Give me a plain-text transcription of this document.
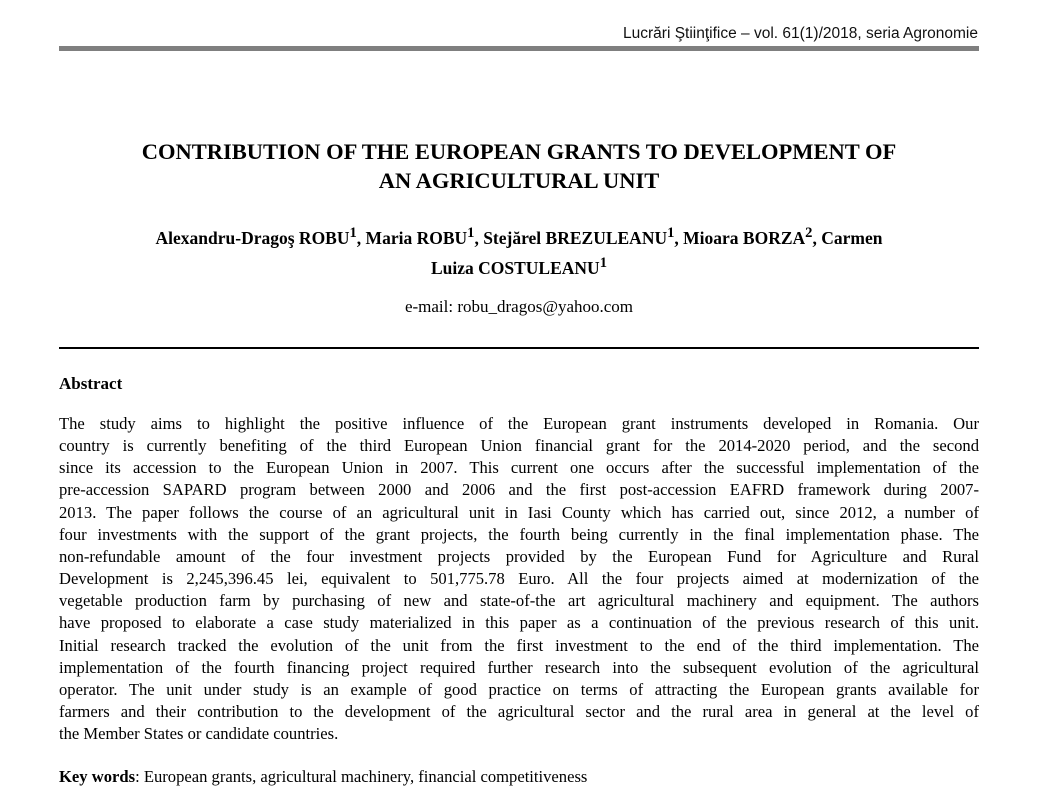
Lucrări Ştiinţifice – vol. 61(1)/2018, seria Agronomie
CONTRIBUTION OF THE EUROPEAN GRANTS TO DEVELOPMENT OF
AN AGRICULTURAL UNIT
Alexandru-Dragoş ROBU$^1$, Maria ROBU$^1$, Stejărel BREZULEANU$^1$, Mioara BORZA$^2$, Carmen
Luiza COSTULEANU$^1$
e-mail: robu_dragos@yahoo.com
Abstract
The study aims to highlight the positive influence of the European grant instruments developed in Romania. Our
country is currently benefiting of the third European Union financial grant for the 2014-2020 period, and the second
since its accession to the European Union in 2007. This current one occurs after the successful implementation of the
pre-accession SAPARD program between 2000 and 2006 and the first post-accession EAFRD framework during 2007-
2013. The paper follows the course of an agricultural unit in Iasi County which has carried out, since 2012, a number of
four investments with the support of the grant projects, the fourth being currently in the final implementation phase. The
non-refundable amount of the four investment projects provided by the European Fund for Agriculture and Rural
Development is 2,245,396.45 lei, equivalent to 501,775.78 Euro. All the four projects aimed at modernization of the
vegetable production farm by purchasing of new and state-of-the art agricultural machinery and equipment. The authors
have proposed to elaborate a case study materialized in this paper as a continuation of the previous research of this unit.
Initial research tracked the evolution of the unit from the first investment to the end of the third implementation. The
implementation of the fourth financing project required further research into the subsequent evolution of the agricultural
operator. The unit under study is an example of good practice on terms of attracting the European grants available for
farmers and their contribution to the development of the agricultural sector and the rural area in general at the level of
the Member States or candidate countries.
Key words: European grants, agricultural machinery, financial competitiveness
